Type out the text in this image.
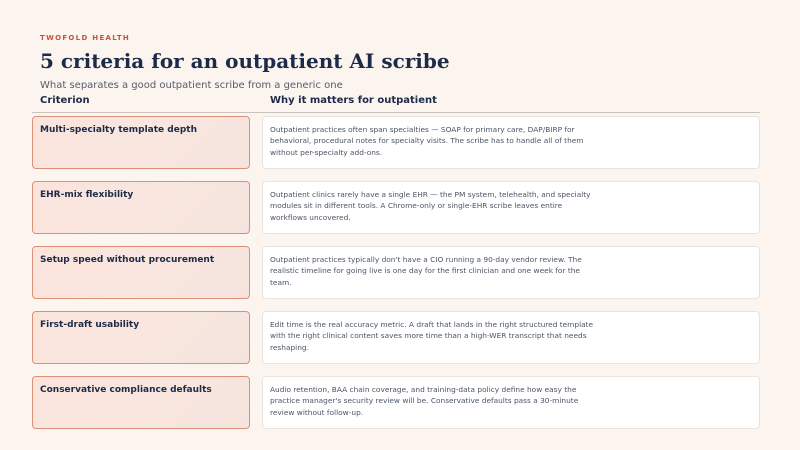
TWOFOLD HEALTH
5 criteria for an outpatient AI scribe
What separates a good outpatient scribe from a generic one
Criterion	Why it matters for outpatient
Multi-specialty template depth	Outpatient practices often span specialties — SOAP for primary care, DAP/BIRP for behavioral, procedural notes for specialty visits. The scribe has to handle all of them without per-specialty add-ons.
EHR-mix flexibility	Outpatient clinics rarely have a single EHR — the PM system, telehealth, and specialty modules sit in different tools. A Chrome-only or single-EHR scribe leaves entire workflows uncovered.
Setup speed without procurement	Outpatient practices typically don't have a CIO running a 90-day vendor review. The realistic timeline for going live is one day for the first clinician and one week for the team.
First-draft usability	Edit time is the real accuracy metric. A draft that lands in the right structured template with the right clinical content saves more time than a high-WER transcript that needs reshaping.
Conservative compliance defaults	Audio retention, BAA chain coverage, and training-data policy define how easy the practice manager's security review will be. Conservative defaults pass a 30-minute review without follow-up.
